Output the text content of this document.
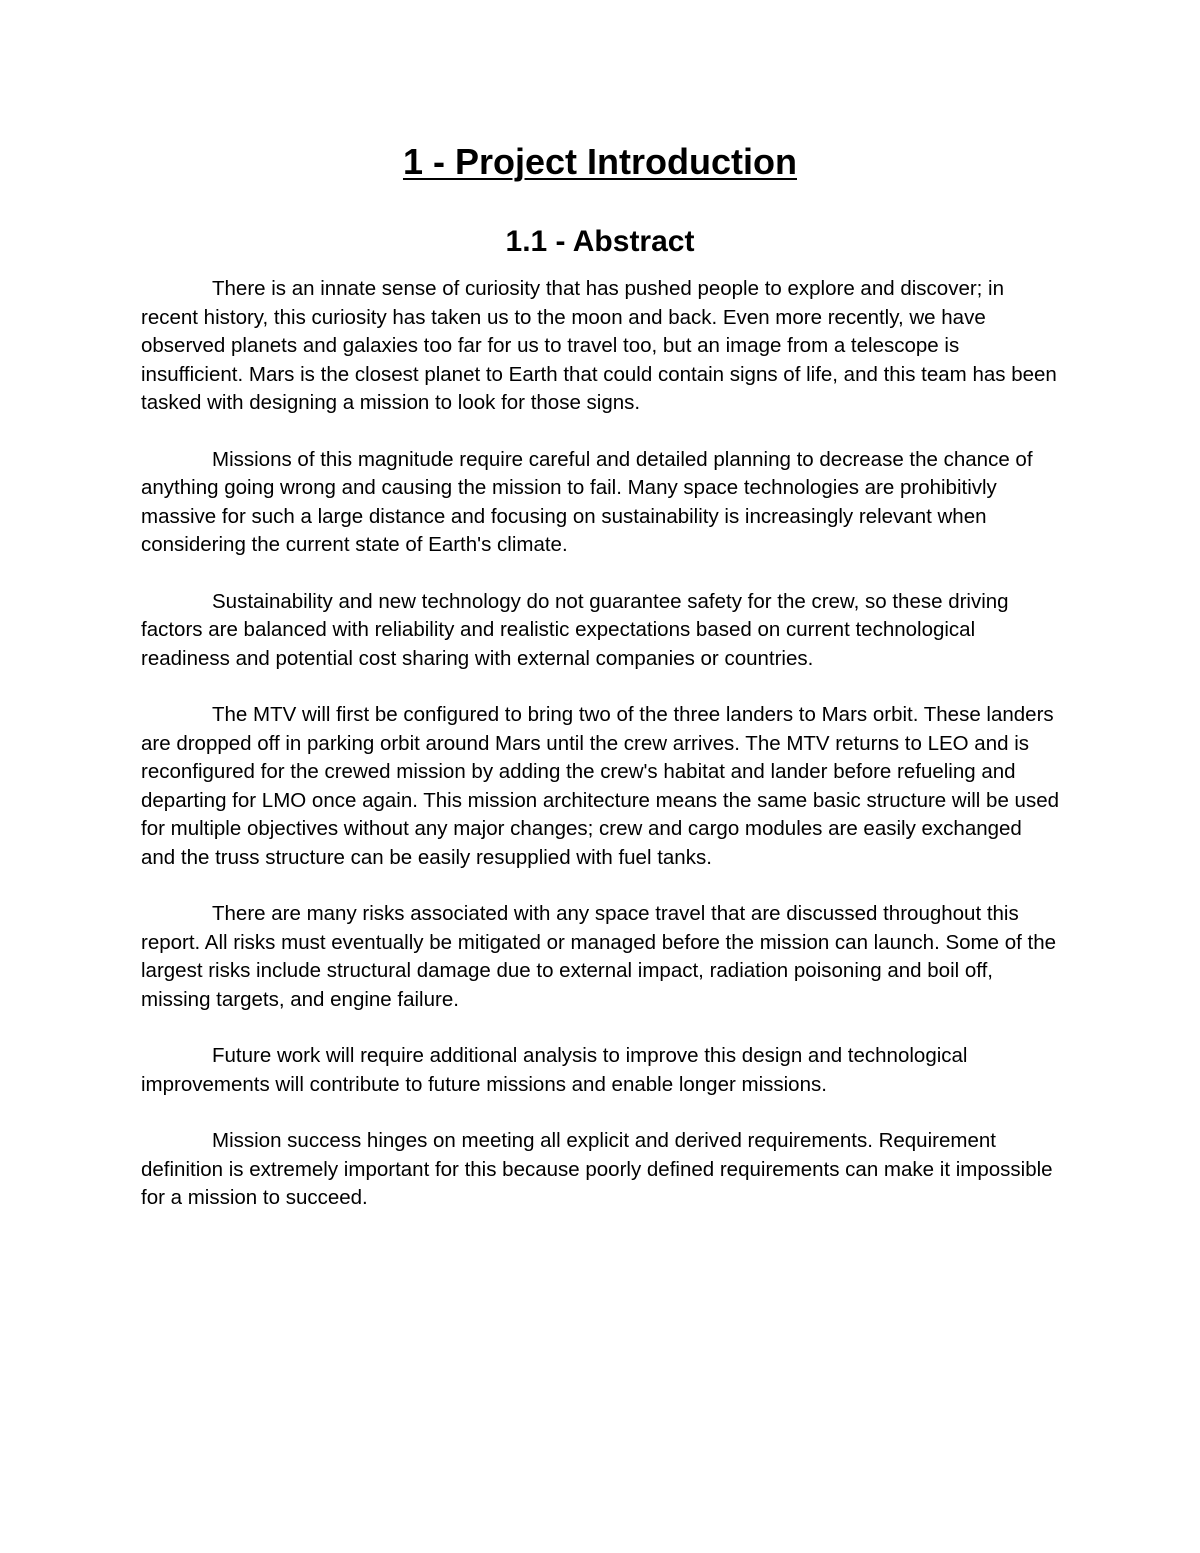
1 - Project Introduction
1.1 - Abstract

There is an innate sense of curiosity that has pushed people to explore and discover; in recent history, this curiosity has taken us to the moon and back. Even more recently, we have observed planets and galaxies too far for us to travel too, but an image from a telescope is insufficient. Mars is the closest planet to Earth that could contain signs of life, and this team has been tasked with designing a mission to look for those signs.

Missions of this magnitude require careful and detailed planning to decrease the chance of anything going wrong and causing the mission to fail. Many space technologies are prohibitivly massive for such a large distance and focusing on sustainability is increasingly relevant when considering the current state of Earth's climate.

Sustainability and new technology do not guarantee safety for the crew, so these driving factors are balanced with reliability and realistic expectations based on current technological readiness and potential cost sharing with external companies or countries.

The MTV will first be configured to bring two of the three landers to Mars orbit. These landers are dropped off in parking orbit around Mars until the crew arrives. The MTV returns to LEO and is reconfigured for the crewed mission by adding the crew's habitat and lander before refueling and departing for LMO once again. This mission architecture means the same basic structure will be used for multiple objectives without any major changes; crew and cargo modules are easily exchanged and the truss structure can be easily resupplied with fuel tanks.

There are many risks associated with any space travel that are discussed throughout this report. All risks must eventually be mitigated or managed before the mission can launch. Some of the largest risks include structural damage due to external impact, radiation poisoning and boil off, missing targets, and engine failure.

Future work will require additional analysis to improve this design and technological improvements will contribute to future missions and enable longer missions.

Mission success hinges on meeting all explicit and derived requirements. Requirement definition is extremely important for this because poorly defined requirements can make it impossible for a mission to succeed.
